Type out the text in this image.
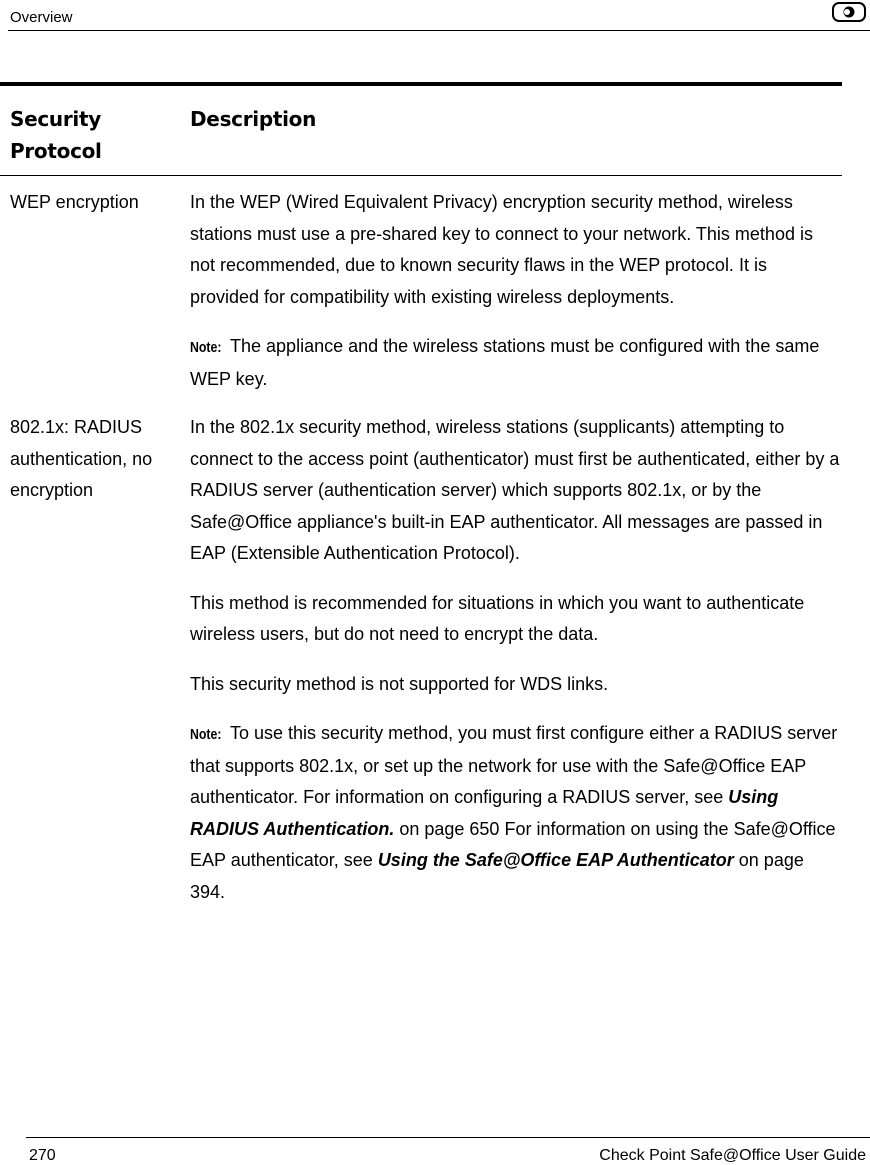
Overview
Security Protocol
Description
WEP encryption	In the WEP (Wired Equivalent Privacy) encryption security method, wireless stations must use a pre-shared key to connect to your network. This method is not recommended, due to known security flaws in the WEP protocol. It is provided for compatibility with existing wireless deployments.

Note: The appliance and the wireless stations must be configured with the same WEP key.

802.1x: RADIUS authentication, no encryption

In the 802.1x security method, wireless stations (supplicants) attempting to connect to the access point (authenticator) must first be authenticated, either by a RADIUS server (authentication server) which supports 802.1x, or by the Safe@Office appliance's built-in EAP authenticator. All messages are passed in EAP (Extensible Authentication Protocol).

This method is recommended for situations in which you want to authenticate wireless users, but do not need to encrypt the data.

This security method is not supported for WDS links.

Note: To use this security method, you must first configure either a RADIUS server that supports 802.1x, or set up the network for use with the Safe@Office EAP authenticator. For information on configuring a RADIUS server, see Using RADIUS Authentication. on page 650 For information on using the Safe@Office EAP authenticator, see Using the Safe@Office EAP Authenticator on page 394.

270	Check Point Safe@Office User Guide
